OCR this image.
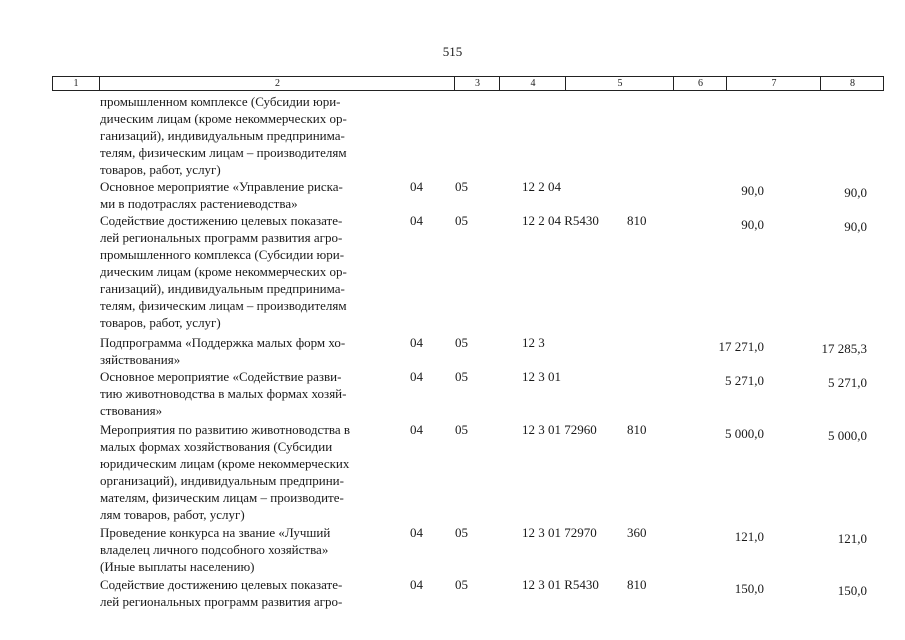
515
1	2	3	4	5	6	7	8
промышленном комплексе (Субсидии юри-
дическим лицам (кроме некоммерческих ор-
ганизаций), индивидуальным предпринима-
телям, физическим лицам – производителям
товаров, работ, услуг)
Основное мероприятие «Управление риска-
ми в подотраслях растениеводства»
04 05	12 2 04	90,0	90,0
Содействие достижению целевых показате-
лей региональных программ развития агро-
промышленного комплекса (Субсидии юри-
дическим лицам (кроме некоммерческих ор-
ганизаций), индивидуальным предпринима-
телям, физическим лицам – производителям
товаров, работ, услуг)
04 05	12 2 04 R5430 810	90,0	90,0
Подпрограмма «Поддержка малых форм хо-
зяйствования»
04 05	12 3	17 271,0	17 285,3
Основное мероприятие «Содействие разви-
тию животноводства в малых формах хозяй-
ствования»
04 05	12 3 01	5 271,0	5 271,0
Мероприятия по развитию животноводства в
малых формах хозяйствования (Субсидии
юридическим лицам (кроме некоммерческих
организаций), индивидуальным предприни-
мателям, физическим лицам – производите-
лям товаров, работ, услуг)
04 05	12 3 01 72960 810	5 000,0	5 000,0
Проведение конкурса на звание «Лучший
владелец личного подсобного хозяйства»
(Иные выплаты населению)
04 05	12 3 01 72970 360	121,0	121,0
Содействие достижению целевых показате-
лей региональных программ развития агро-
04 05	12 3 01 R5430 810	150,0	150,0
